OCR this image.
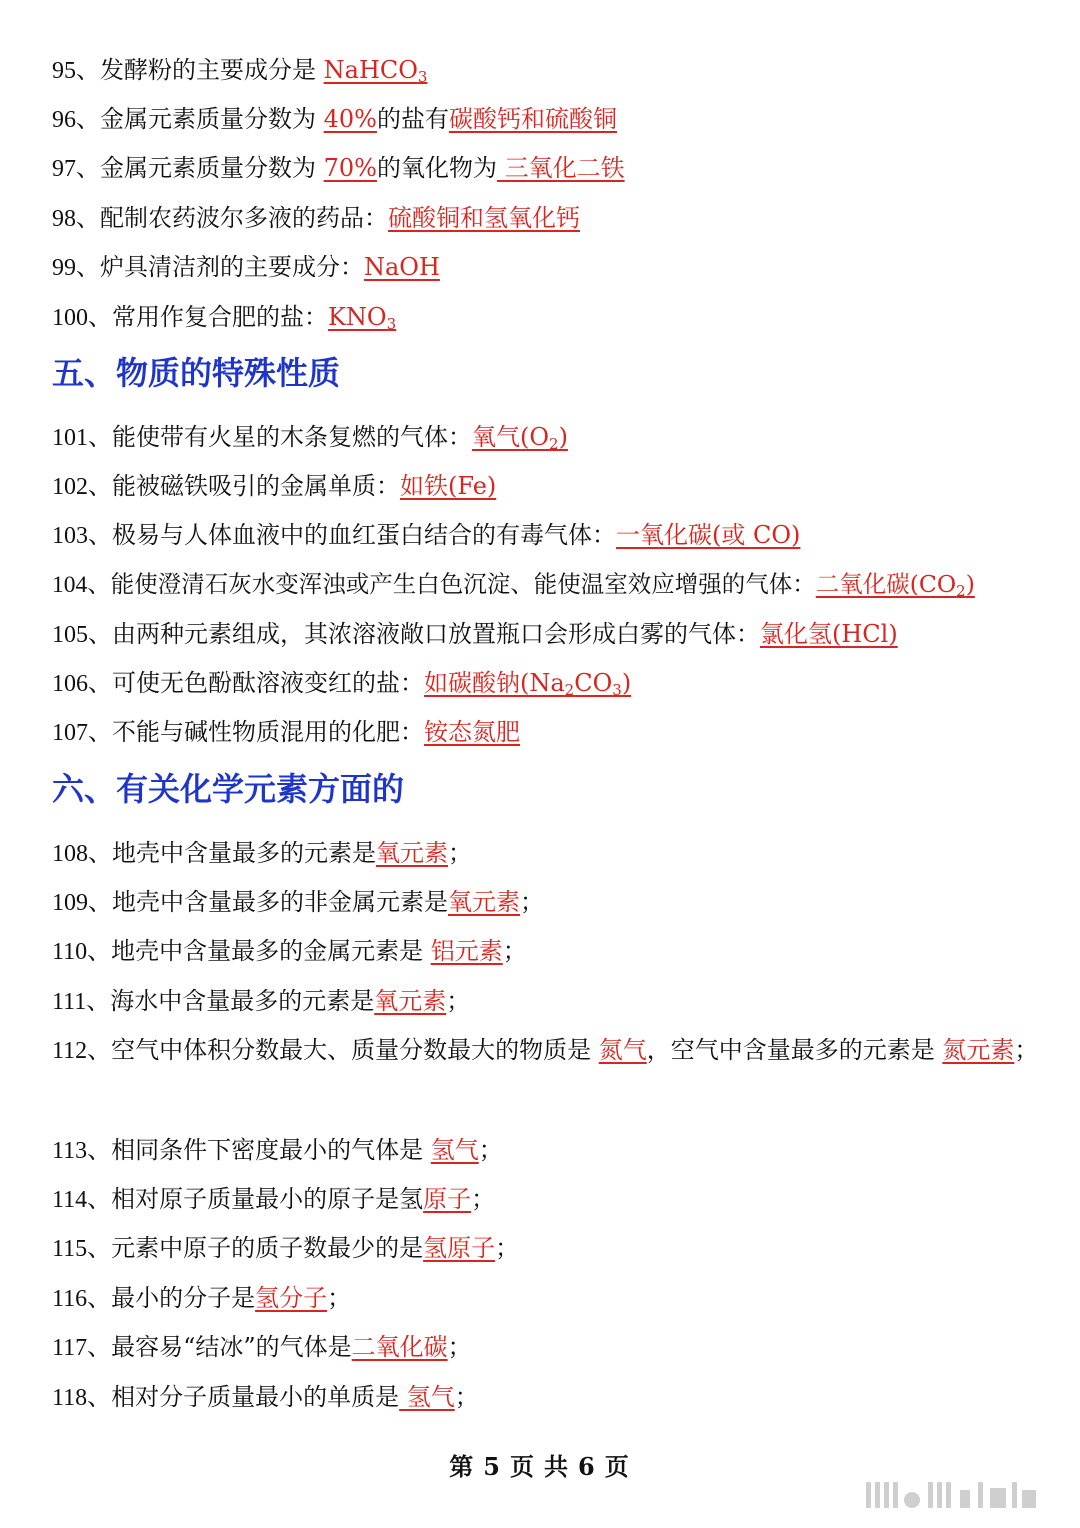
95、发酵粉的主要成分是 NaHCO$_3$
96、金属元素质量分数为 40%的盐有碳酸钙和硫酸铜
97、金属元素质量分数为 70%的氧化物为 三氧化二铁
98、配制农药波尔多液的药品：硫酸铜和氢氧化钙
99、炉具清洁剂的主要成分：NaOH
100、常用作复合肥的盐：$KNO_3$
五、物质的特殊性质
101、能使带有火星的木条复燃的气体：氧气$(O_2)$
102、能被磁铁吸引的金属单质：如铁(Fe)
103、极易与人体血液中的血红蛋白结合的有毒气体：一氧化碳(或 CO)
104、能使澄清石灰水变浑浊或产生白色沉淀、能使温室效应增强的气体：二氧化碳$(CO_2)$
105、由两种元素组成，其浓溶液敞口放置瓶口会形成白雾的气体：氯化氢(HCl)
106、可使无色酚酞溶液变红的盐：如碳酸钠$(Na_2CO_3)$
107、不能与碱性物质混用的化肥：铵态氮肥
六、有关化学元素方面的
108、地壳中含量最多的元素是氧元素；
109、地壳中含量最多的非金属元素是氧元素；
110、地壳中含量最多的金属元素是 铝元素；
111、海水中含量最多的元素是氧元素；
112、空气中体积分数最大、质量分数最大的物质是 氮气，空气中含量最多的元素是 氮元素；
113、相同条件下密度最小的气体是 氢气；
114、相对原子质量最小的原子是氢原子；
115、元素中原子的质子数最少的是氢原子；
116、最小的分子是氢分子；
117、最容易“结冰”的气体是二氧化碳；
118、相对分子质量最小的单质是 氢气；
第 5 页 共 6 页
